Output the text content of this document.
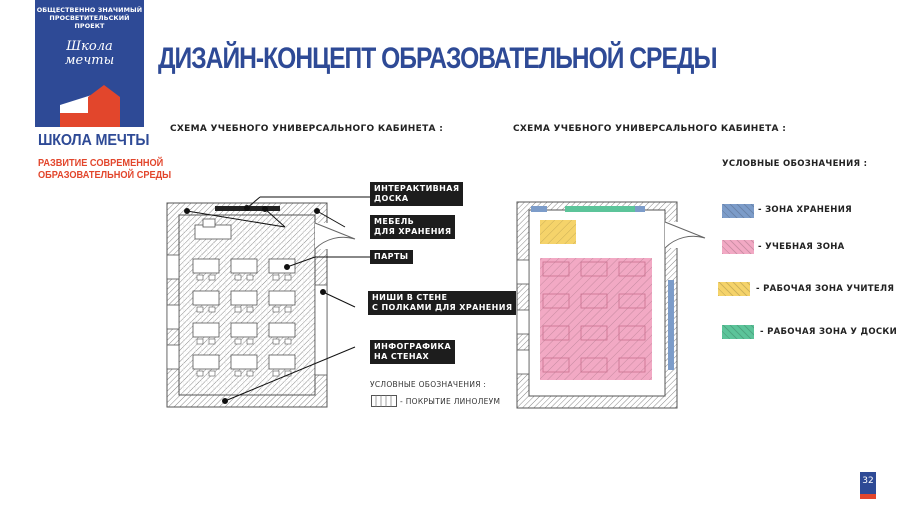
ОБЩЕСТВЕННО ЗНАЧИМЫЙ
ПРОСВЕТИТЕЛЬСКИЙ ПРОЕКТ
Школа
мечты
ШКОЛА МЕЧТЫ
РАЗВИТИЕ СОВРЕМЕННОЙ
ОБРАЗОВАТЕЛЬНОЙ СРЕДЫ
ДИЗАЙН-КОНЦЕПТ ОБРАЗОВАТЕЛЬНОЙ СРЕДЫ
СХЕМА УЧЕБНОГО УНИВЕРСАЛЬНОГО КАБИНЕТА :
ИНТЕРАКТИВНАЯ
ДОСКА
МЕБЕЛЬ
ДЛЯ ХРАНЕНИЯ
ПАРТЫ
НИШИ В СТЕНЕ
С ПОЛКАМИ ДЛЯ ХРАНЕНИЯ
ИНФОГРАФИКА
НА СТЕНАХ
УСЛОВНЫЕ ОБОЗНАЧЕНИЯ :
- ПОКРЫТИЕ ЛИНОЛЕУМ
СХЕМА УЧЕБНОГО УНИВЕРСАЛЬНОГО КАБИНЕТА :
УСЛОВНЫЕ ОБОЗНАЧЕНИЯ :
- ЗОНА ХРАНЕНИЯ
- УЧЕБНАЯ ЗОНА
- РАБОЧАЯ ЗОНА УЧИТЕЛЯ
- РАБОЧАЯ ЗОНА У ДОСКИ
32
